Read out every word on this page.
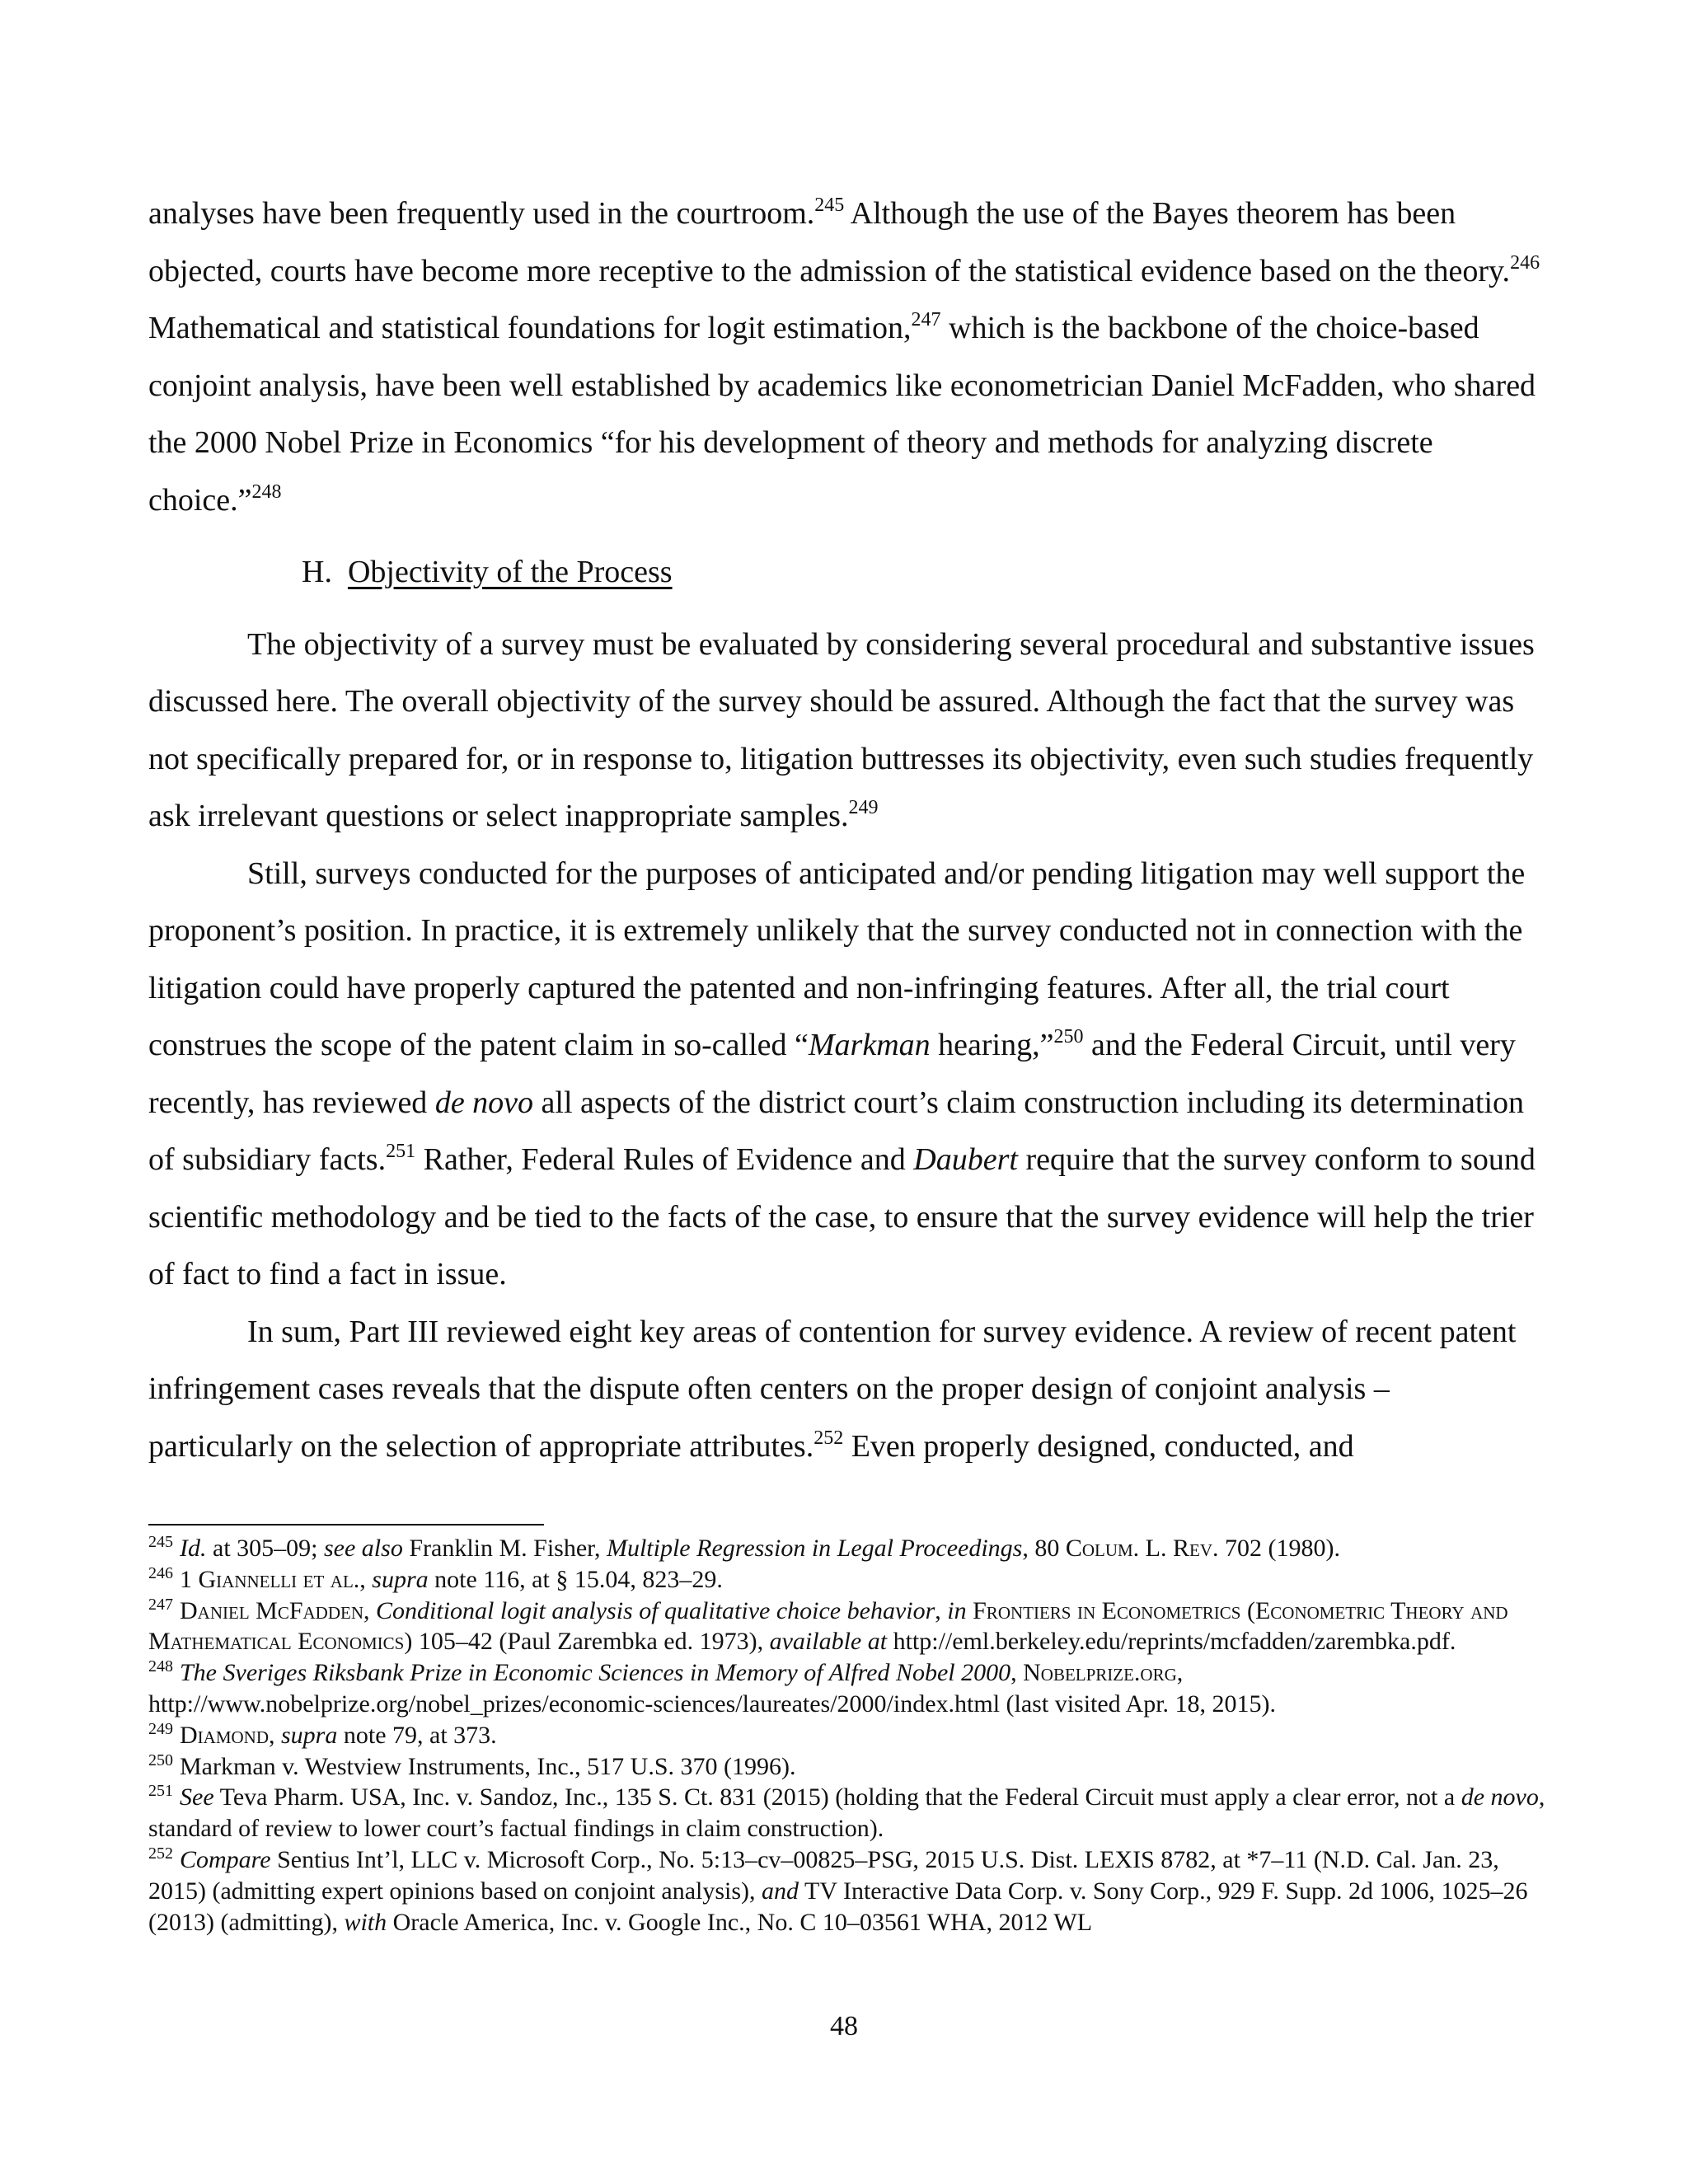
analyses have been frequently used in the courtroom.$^{245}$ Although the use of the Bayes theorem has been objected, courts have become more receptive to the admission of the statistical evidence based on the theory.$^{246}$ Mathematical and statistical foundations for logit estimation,$^{247}$ which is the backbone of the choice-based conjoint analysis, have been well established by academics like econometrician Daniel McFadden, who shared the 2000 Nobel Prize in Economics “for his development of theory and methods for analyzing discrete choice.”$^{248}$

H. Objectivity of the Process

The objectivity of a survey must be evaluated by considering several procedural and substantive issues discussed here. The overall objectivity of the survey should be assured. Although the fact that the survey was not specifically prepared for, or in response to, litigation buttresses its objectivity, even such studies frequently ask irrelevant questions or select inappropriate samples.$^{249}$

Still, surveys conducted for the purposes of anticipated and/or pending litigation may well support the proponent’s position. In practice, it is extremely unlikely that the survey conducted not in connection with the litigation could have properly captured the patented and non-infringing features. After all, the trial court construes the scope of the patent claim in so-called “Markman hearing,”$^{250}$ and the Federal Circuit, until very recently, has reviewed de novo all aspects of the district court’s claim construction including its determination of subsidiary facts.$^{251}$ Rather, Federal Rules of Evidence and Daubert require that the survey conform to sound scientific methodology and be tied to the facts of the case, to ensure that the survey evidence will help the trier of fact to find a fact in issue.

In sum, Part III reviewed eight key areas of contention for survey evidence. A review of recent patent infringement cases reveals that the dispute often centers on the proper design of conjoint analysis – particularly on the selection of appropriate attributes.$^{252}$ Even properly designed, conducted, and

$^{245}$ Id. at 305–09; see also Franklin M. Fisher, Multiple Regression in Legal Proceedings, 80 Colum. L. Rev. 702 (1980).

$^{246}$ 1 Giannelli et al., supra note 116, at § 15.04, 823–29.

$^{247}$ Daniel McFadden, Conditional logit analysis of qualitative choice behavior, in Frontiers in Econometrics (Econometric Theory and Mathematical Economics) 105–42 (Paul Zarembka ed. 1973), available at http://eml.berkeley.edu/reprints/mcfadden/zarembka.pdf.

$^{248}$ The Sveriges Riksbank Prize in Economic Sciences in Memory of Alfred Nobel 2000, Nobelprize.org, http://www.nobelprize.org/nobel_prizes/economic-sciences/laureates/2000/index.html (last visited Apr. 18, 2015).

$^{249}$ Diamond, supra note 79, at 373.

$^{250}$ Markman v. Westview Instruments, Inc., 517 U.S. 370 (1996).

$^{251}$ See Teva Pharm. USA, Inc. v. Sandoz, Inc., 135 S. Ct. 831 (2015) (holding that the Federal Circuit must apply a clear error, not a de novo, standard of review to lower court’s factual findings in claim construction).

$^{252}$ Compare Sentius Int’l, LLC v. Microsoft Corp., No. 5:13–cv–00825–PSG, 2015 U.S. Dist. LEXIS 8782, at *7–11 (N.D. Cal. Jan. 23, 2015) (admitting expert opinions based on conjoint analysis), and TV Interactive Data Corp. v. Sony Corp., 929 F. Supp. 2d 1006, 1025–26 (2013) (admitting), with Oracle America, Inc. v. Google Inc., No. C 10–03561 WHA, 2012 WL

48
